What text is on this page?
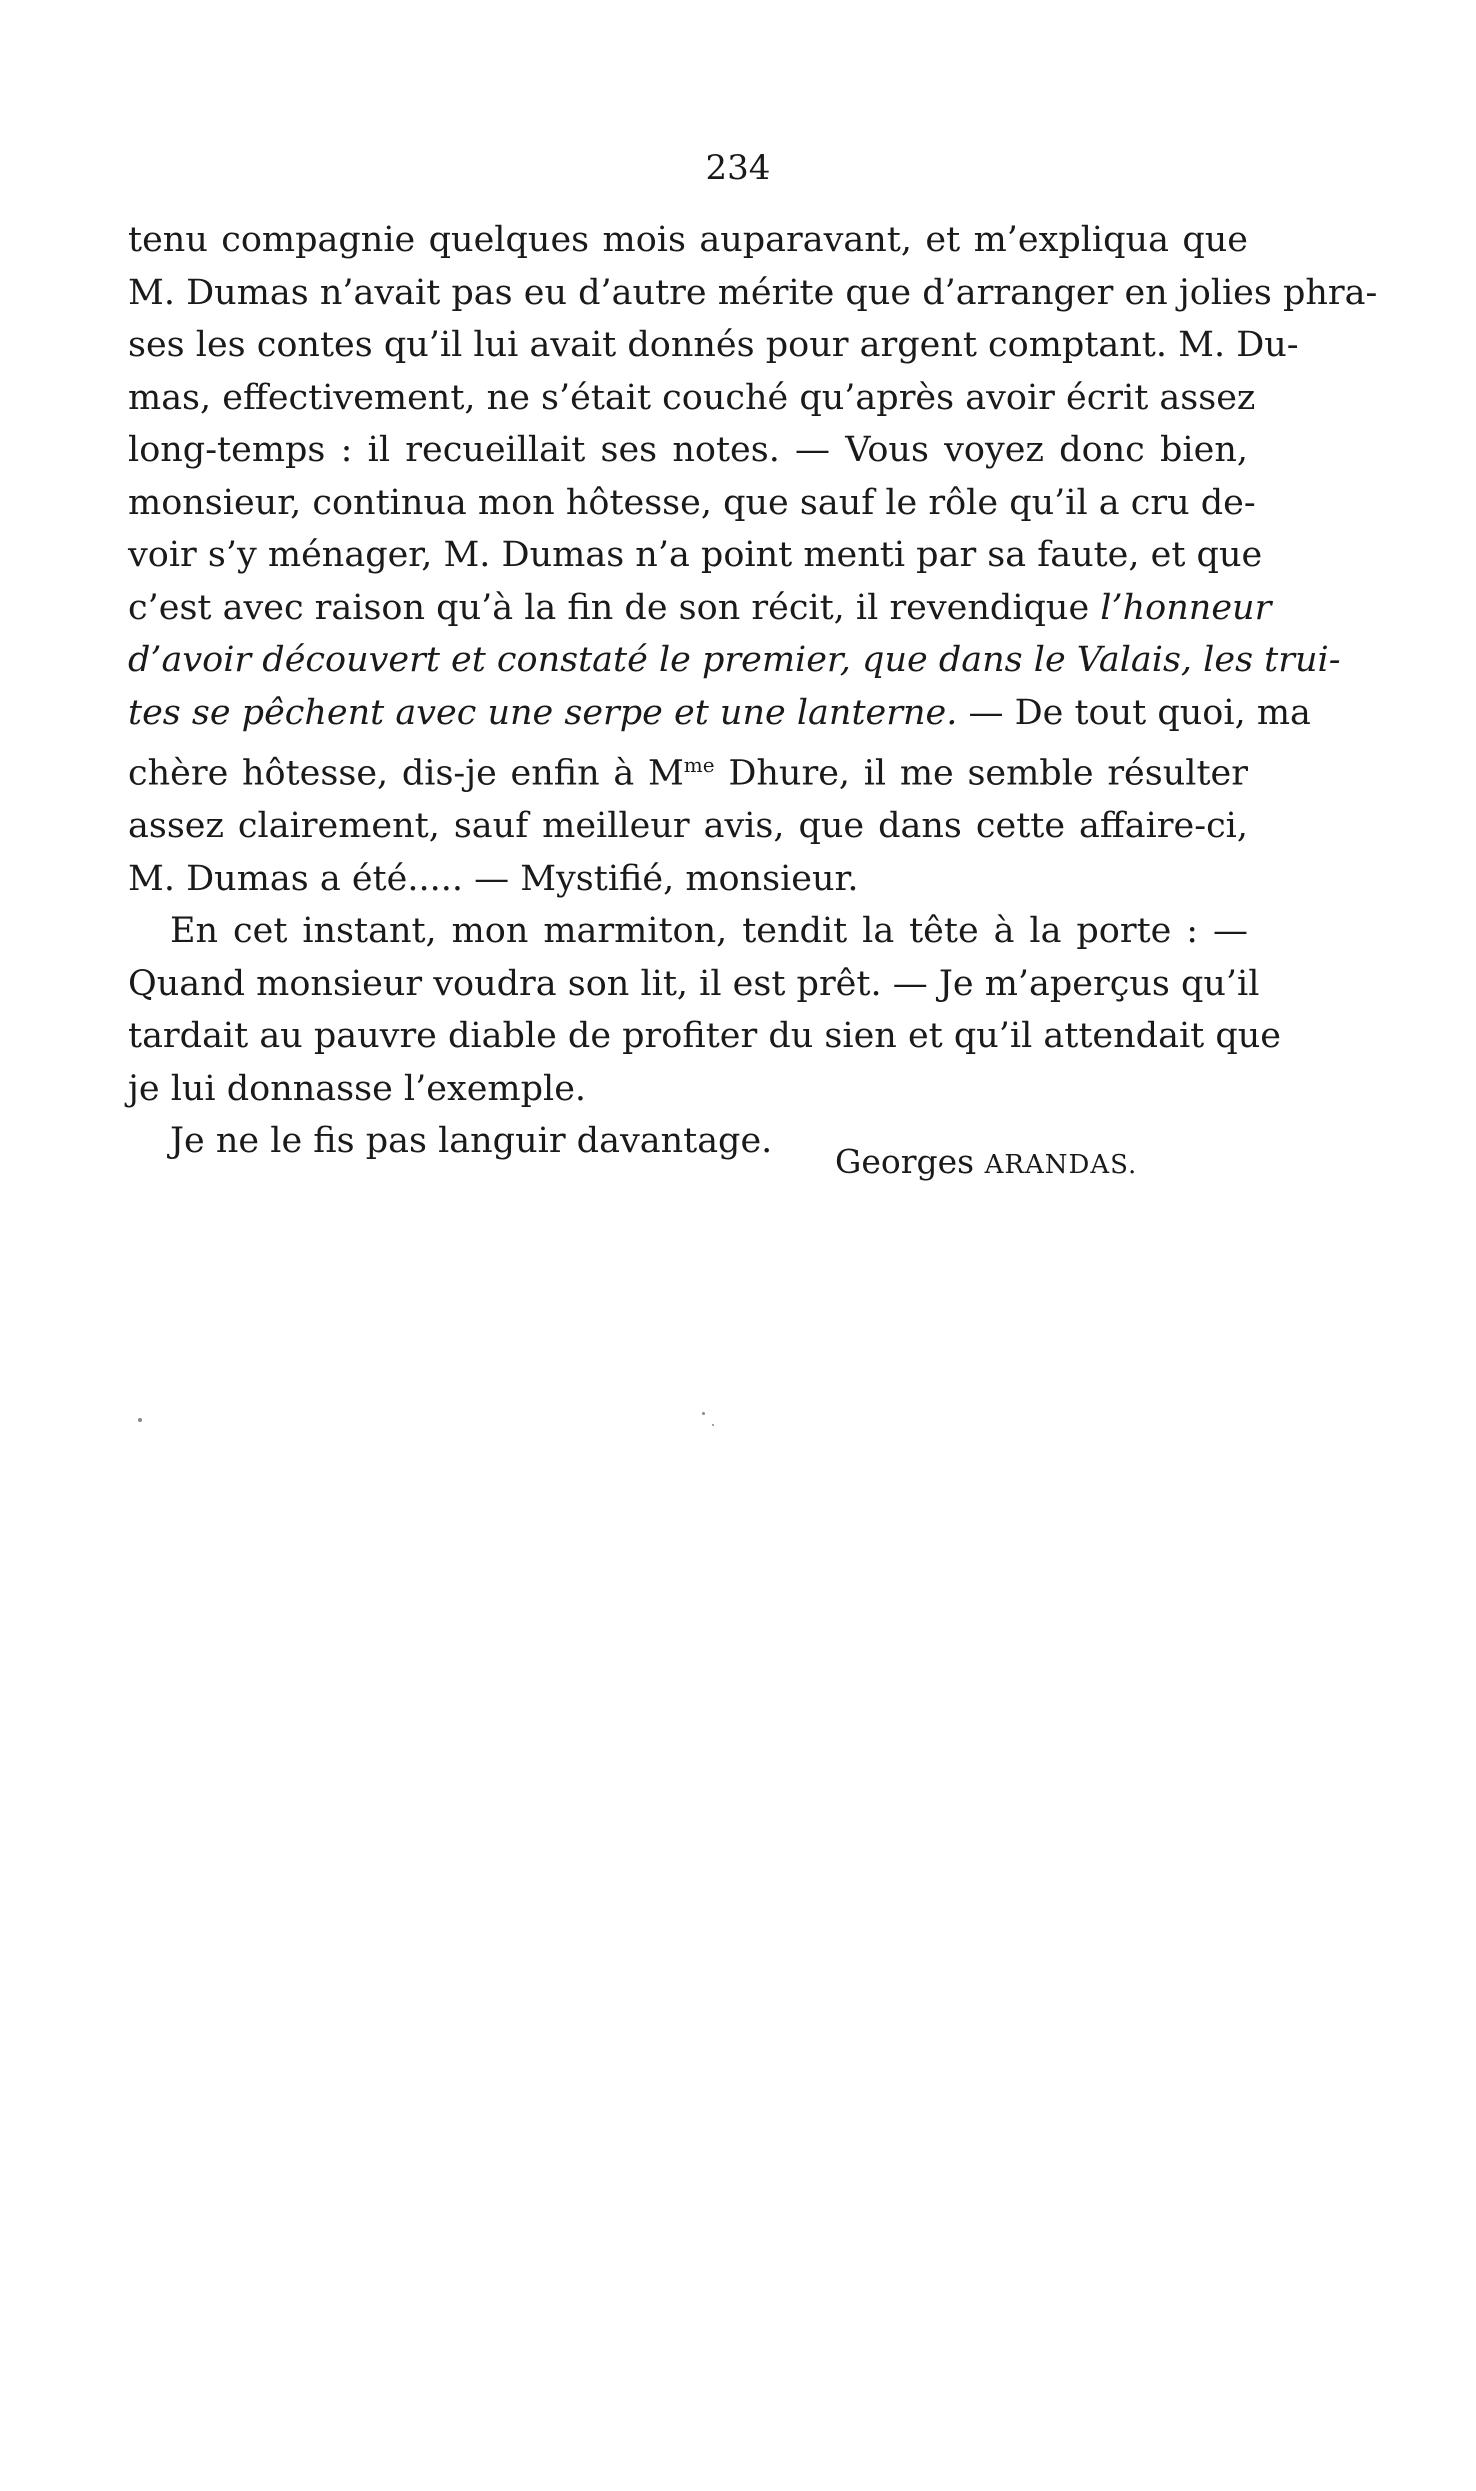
234
tenu compagnie quelques mois auparavant, et m’expliqua que
M. Dumas n’avait pas eu d’autre mérite que d’arranger en jolies phra-
ses les contes qu’il lui avait donnés pour argent comptant. M. Du-
mas, effectivement, ne s’était couché qu’après avoir écrit assez
long-temps : il recueillait ses notes. — Vous voyez donc bien,
monsieur, continua mon hôtesse, que sauf le rôle qu’il a cru de-
voir s’y ménager, M. Dumas n’a point menti par sa faute, et que
c’est avec raison qu’à la fin de son récit, il revendique l’honneur
d’avoir découvert et constaté le premier, que dans le Valais, les trui-
tes se pêchent avec une serpe et une lanterne. — De tout quoi, ma
chère hôtesse, dis-je enfin à $M^{me}$ Dhure, il me semble résulter
assez clairement, sauf meilleur avis, que dans cette affaire-ci,
M. Dumas a été..... — Mystifié, monsieur.
En cet instant, mon marmiton, tendit la tête à la porte : —
Quand monsieur voudra son lit, il est prêt. — Je m’aperçus qu’il
tardait au pauvre diable de profiter du sien et qu’il attendait que
je lui donnasse l’exemple.
Je ne le fis pas languir davantage.
Georges ARANDAS.
